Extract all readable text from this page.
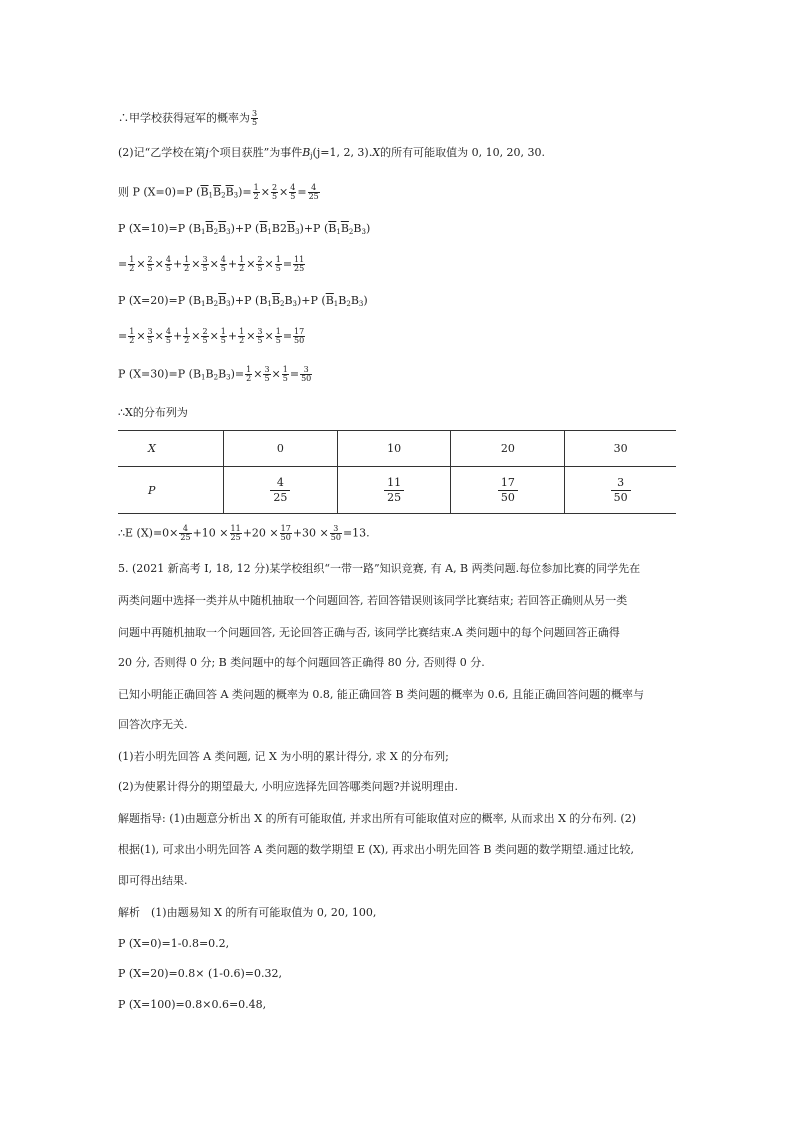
∴甲学校获得冠军的概率为 $\frac{3}{5}$
(2)记“乙学校在第j个项目获胜”为事件$B_j(j=1$, 2, 3).X的所有可能取值为 0, 10, 20, 30.
则 P (X=0)=P $(\overline{B}_1\overline{B}_2\overline{B}_3)= \frac{1}{2} \times \frac{2}{5} \times \frac{4}{5} = \frac{4}{25}$
P (X=10)=P $(B_1\overline{B}_2\overline{B}_3)+P$ $(\overline{B}_1B2\overline{B}_3)+P$ $(\overline{B}_1\overline{B}_2B_3)$
= $\frac{1}{2} \times \frac{2}{5} \times \frac{4}{5} + \frac{1}{2} \times \frac{3}{5} \times \frac{4}{5} + \frac{1}{2} \times \frac{2}{5} \times \frac{1}{5} = \frac{11}{25}$
P (X=20)=P $(B_1B_2\overline{B}_3)+P$ $(B_1\overline{B}_2B_3)+P$ $(\overline{B}_1B_2B_3)$
= $\frac{1}{2} \times \frac{3}{5} \times \frac{4}{5} + \frac{1}{2} \times \frac{2}{5} \times \frac{1}{5} + \frac{1}{2} \times \frac{3}{5} \times \frac{1}{5} = \frac{17}{50}$
P (X=30)=P $(B_1B_2B_3)= \frac{1}{2} \times \frac{3}{5} \times \frac{1}{5} = \frac{3}{50}$
∴X的分布列为
X	0	10	20	30
P	$\frac{4}{25}$	$\frac{11}{25}$	$\frac{17}{50}$	$\frac{3}{50}$
∴E $(X)=0\times \frac{4}{25} +10 \times \frac{11}{25} +20 \times \frac{17}{50} +30 \times \frac{3}{50} =13$.
5. (2021 新高考 Ⅰ, 18, 12 分)某学校组织“一带一路”知识竞赛, 有 A, B 两类问题.每位参加比赛的同学先在
两类问题中选择一类并从中随机抽取一个问题回答, 若回答错误则该同学比赛结束; 若回答正确则从另一类
问题中再随机抽取一个问题回答, 无论回答正确与否, 该同学比赛结束.A 类问题中的每个问题回答正确得
20 分, 否则得 0 分; B 类问题中的每个问题回答正确得 80 分, 否则得 0 分.
已知小明能正确回答 A 类问题的概率为 0.8, 能正确回答 B 类问题的概率为 0.6, 且能正确回答问题的概率与
回答次序无关.
(1)若小明先回答 A 类问题, 记 X 为小明的累计得分, 求 X 的分布列;
(2)为使累计得分的期望最大, 小明应选择先回答哪类问题?并说明理由.
解题指导: (1)由题意分析出 X 的所有可能取值, 并求出所有可能取值对应的概率, 从而求出 X 的分布列. (2)
根据(1), 可求出小明先回答 A 类问题的数学期望 E (X), 再求出小明先回答 B 类问题的数学期望.通过比较,
即可得出结果.
解析　(1)由题易知 X 的所有可能取值为 0, 20, 100,
P (X=0)=1-0.8=0.2,
P (X=20)=0.8× (1-0.6)=0.32,
P (X=100)=0.8×0.6=0.48,
